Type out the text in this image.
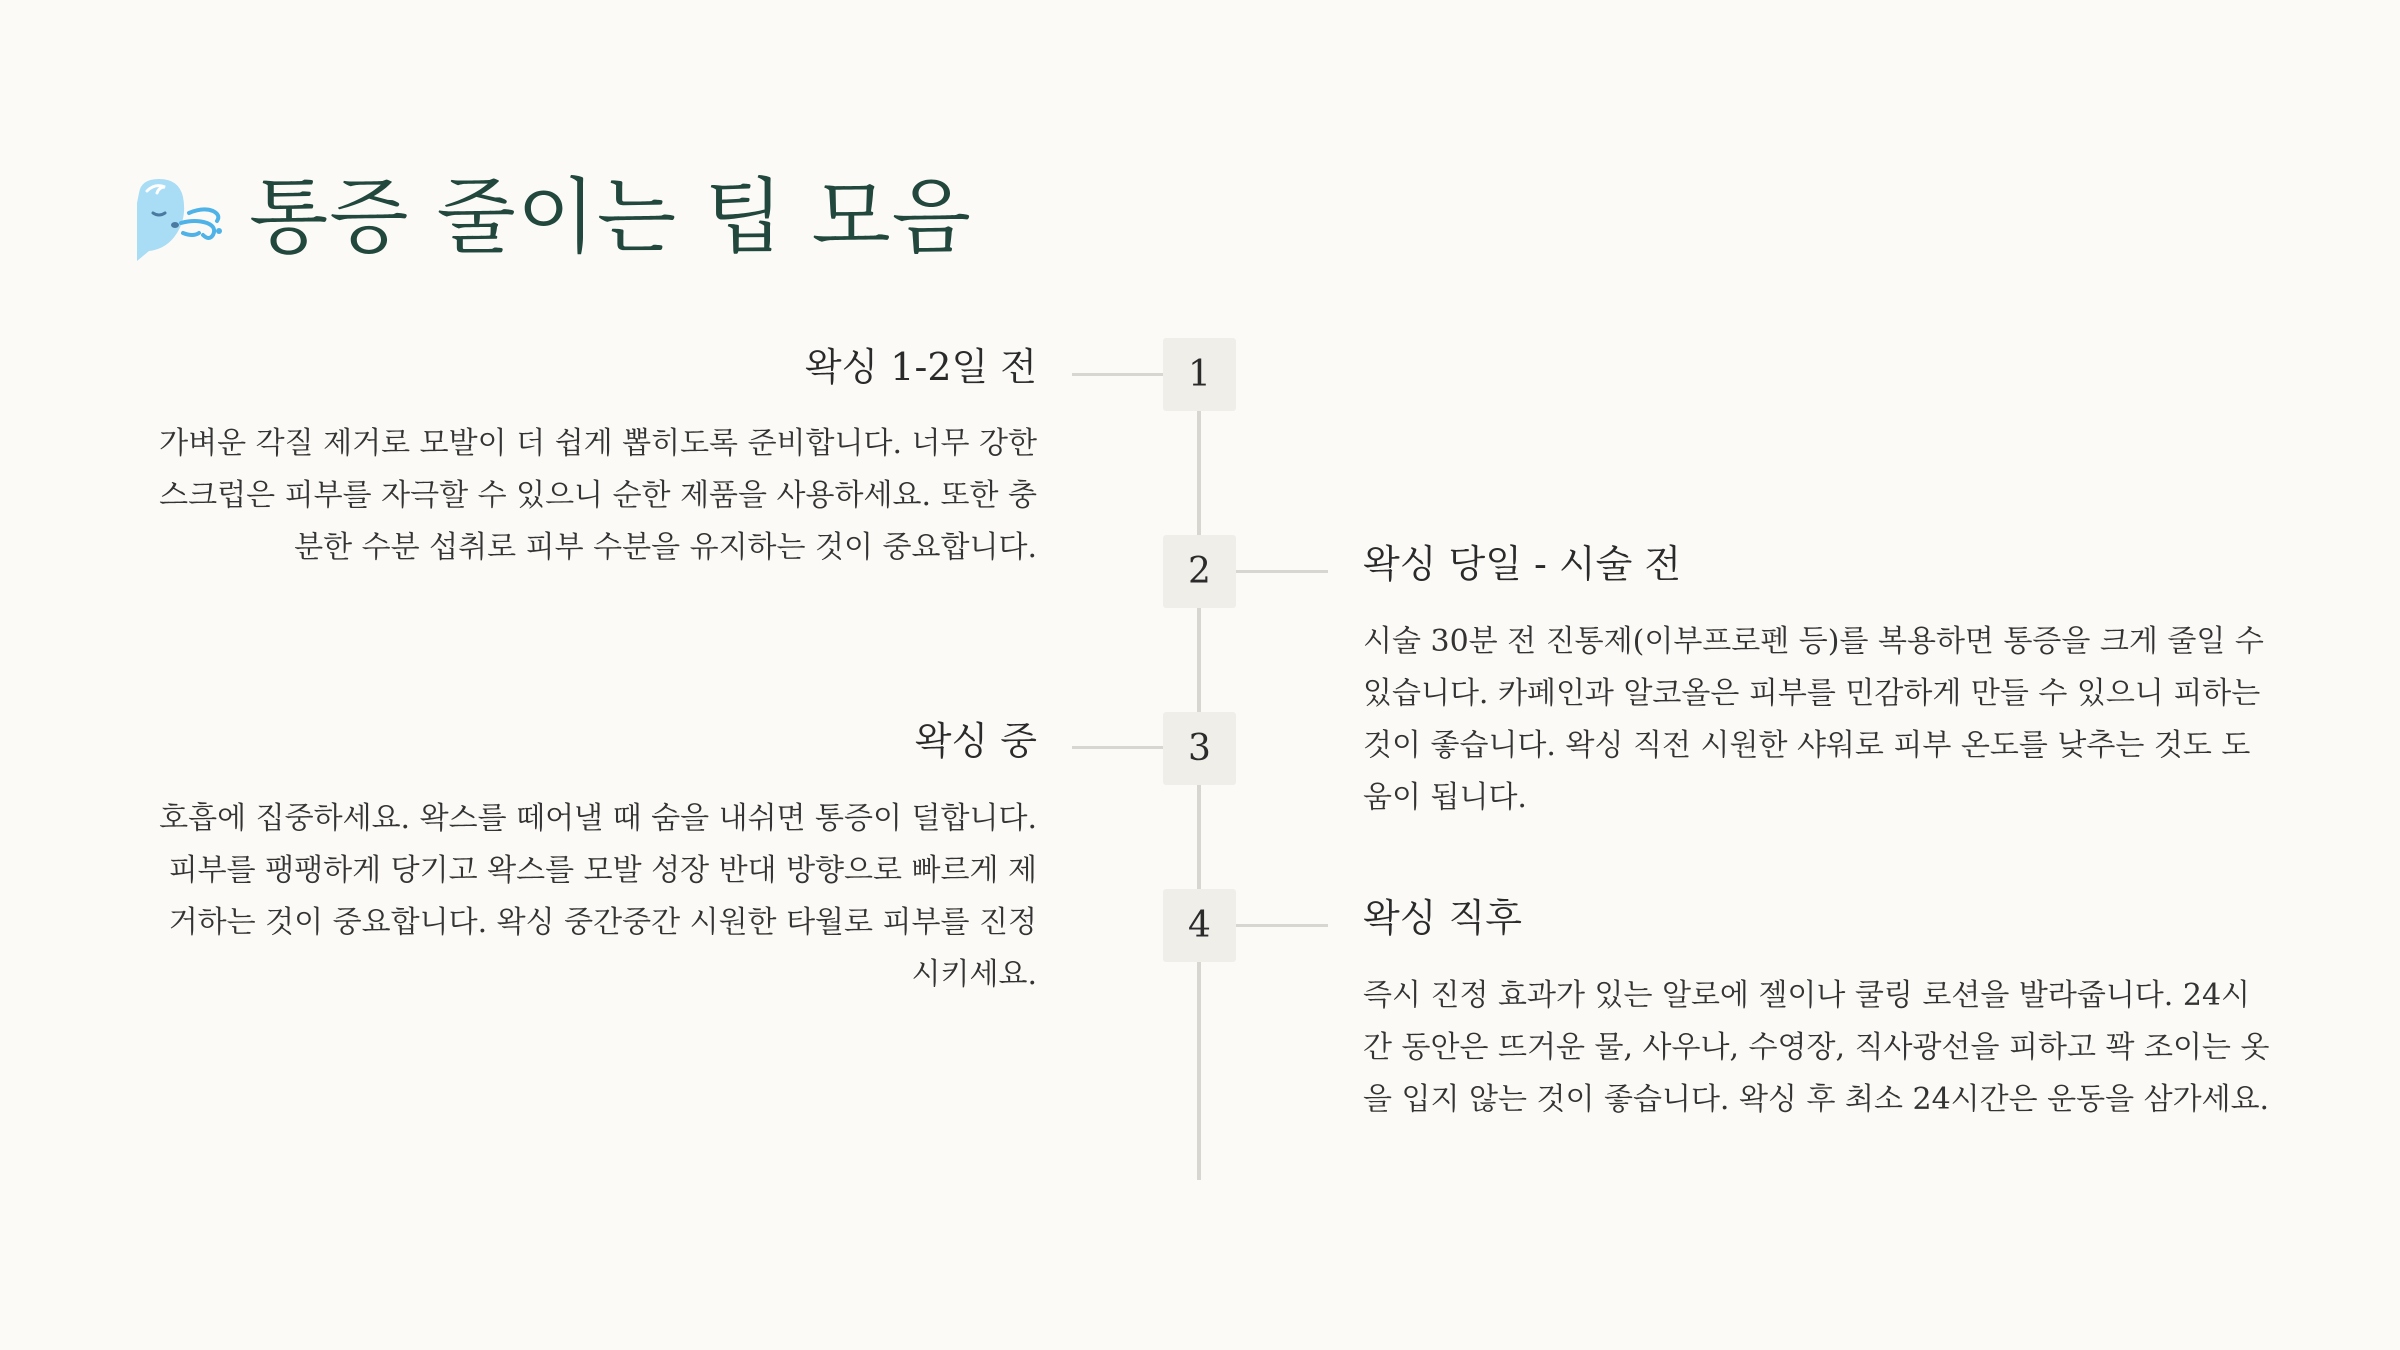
통증 줄이는 팁 모음
1
2
3
4
왁싱 1-2일 전
가벼운 각질 제거로 모발이 더 쉽게 뽑히도록 준비합니다. 너무 강한 스크럽은 피부를 자극할 수 있으니 순한 제품을 사용하세요. 또한 충분한 수분 섭취로 피부 수분을 유지하는 것이 중요합니다.	왁싱 당일 - 시술 전
시술 30분 전 진통제(이부프로펜 등)를 복용하면 통증을 크게 줄일 수 있습니다. 카페인과 알코올은 피부를 민감하게 만들 수 있으니 피하는 것이 좋습니다. 왁싱 직전 시원한 샤워로 피부 온도를 낮추는 것도 도움이 됩니다.
왁싱 중
호흡에 집중하세요. 왁스를 떼어낼 때 숨을 내쉬면 통증이 덜합니다. 피부를 팽팽하게 당기고 왁스를 모발 성장 반대 방향으로 빠르게 제거하는 것이 중요합니다. 왁싱 중간중간 시원한 타월로 피부를 진정시키세요.
왁싱 직후
즉시 진정 효과가 있는 알로에 젤이나 쿨링 로션을 발라줍니다. 24시간 동안은 뜨거운 물, 사우나, 수영장, 직사광선을 피하고 꽉 조이는 옷을 입지 않는 것이 좋습니다. 왁싱 후 최소 24시간은 운동을 삼가세요.
